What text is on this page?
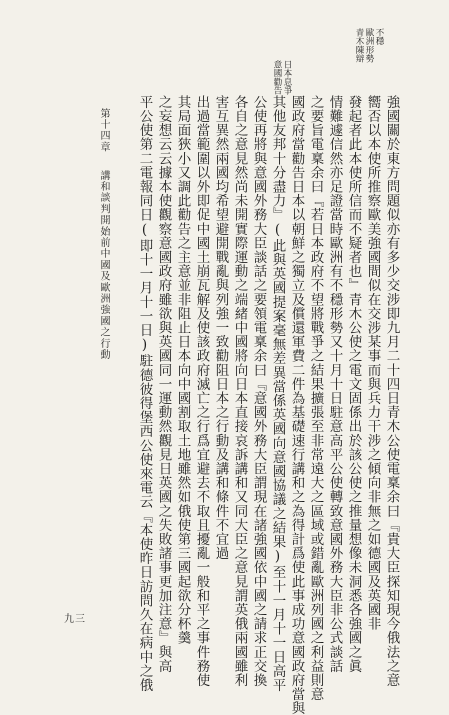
青木陳辯 歐洲形勢 不穩
意國勸告 日本息爭
強國關於東方問題似亦有多少交涉即九月二十四日青木公使電稟余曰『貴大臣探知現今俄法之意
嚮否以本使所推察歐美強國間似在交涉某事而與兵力干涉之傾向非無之如德國及英國非
發起者此本使所信而不疑者也』青木公使之電文固係出於該公使之推量想像未洞悉各強國之眞
情難遽信然亦足證當時歐洲有不穩形勢又十月十日駐意高平公使轉致意國外務大臣非公式談話
之要旨電稟余曰『若日本政府不望將戰爭之結果擴張至非常遠大之區域或錯亂歐洲列國之利益則意
國政府當勸告日本以朝鮮之獨立及償還軍費二件為基礎速行講和之為得計爲使此事成功意國政府當與
其他友邦十分盡力』(此與英國提案毫無差異當係英國向意國協議之結果)至十一月十一日高平
公使再將與意國外務大臣談話之要領電稟余曰『意國外務大臣謂現在諸強國依中國之請求正交換
各自之意見然尚未開實際運動之端緒中國將向日本直接哀訴講和又同大臣之意見謂英俄兩國雖利
害互異然兩國均希望避開戰亂與列強一致勸阻日本之行動及講和條件不宜過
出過當範圍以外即促中國土崩瓦解及使該政府滅亡之行爲宜避去不取且擾亂一般和平之事件務使
其局面狹小又調此勸告之主意並非阻止日本向中國割取土地雖然如俄使第三國起欲分杯羹
之妄想云云據本使觀察意國政府雖欲與英國同一運動然觀見日英國之失敗諸事更加注意』與高
平公使第二電報同日(即十一月十一日)駐德彼得堡西公使來電云『本使昨日訪問久在病中之俄
第十四章
講和談判開始前中國及歐洲強國之行動
九三
